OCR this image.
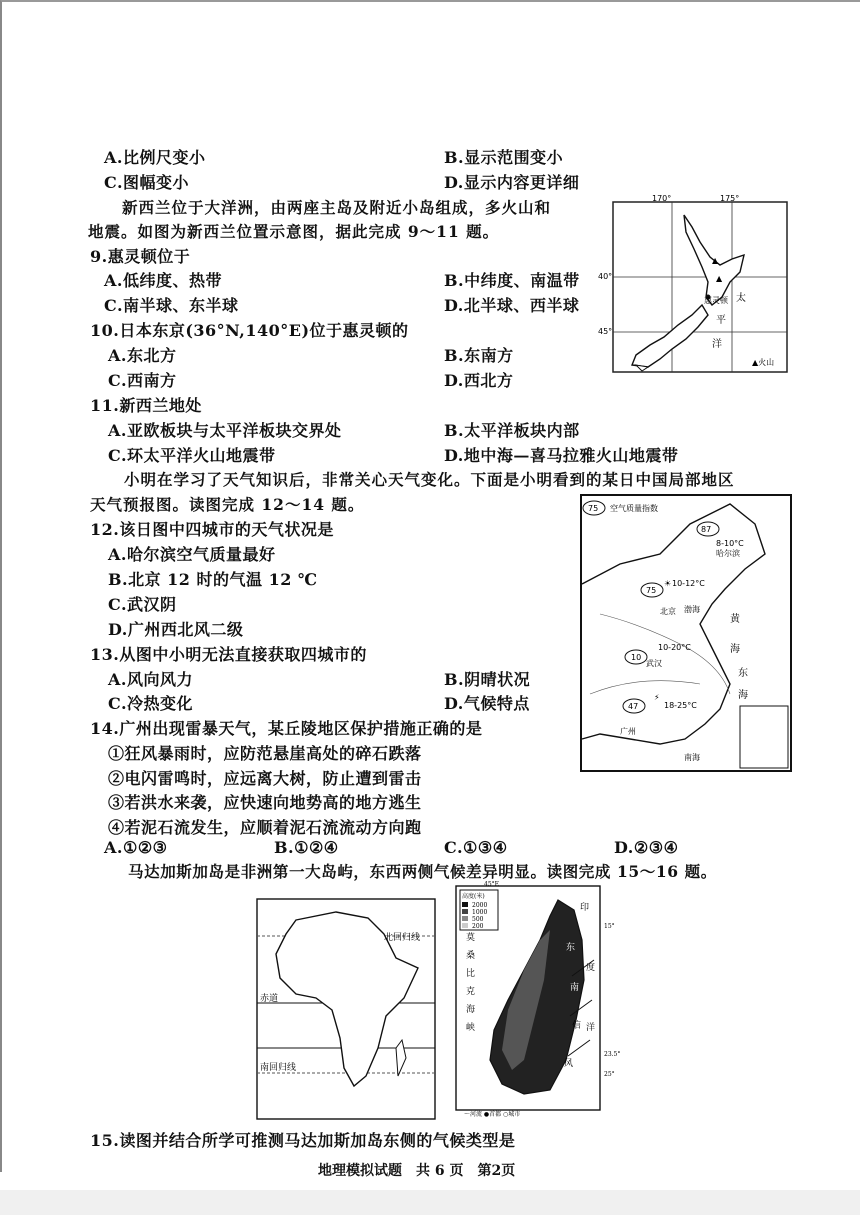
A.比例尺变小	B.显示范围变小
C.图幅变小	D.显示内容更详细
新西兰位于大洋洲，由两座主岛及附近小岛组成，多火山和
地震。如图为新西兰位置示意图，据此完成 9～11 题。
9.惠灵顿位于
A.低纬度、热带	B.中纬度、南温带
C.南半球、东半球	D.北半球、西半球
10.日本东京(36°N,140°E)位于惠灵顿的
A.东北方	B.东南方
C.西南方	D.西北方
11.新西兰地处
A.亚欧板块与太平洋板块交界处	B.太平洋板块内部
C.环太平洋火山地震带	D.地中海—喜马拉雅火山地震带
小明在学习了天气知识后，非常关心天气变化。下面是小明看到的某日中国局部地区
天气预报图。读图完成 12～14 题。
12.该日图中四城市的天气状况是
A.哈尔滨空气质量最好
B.北京 12 时的气温 12 ℃
C.武汉阴
D.广州西北风二级
13.从图中小明无法直接获取四城市的
A.风向风力	B.阴晴状况
C.冷热变化	D.气候特点
14.广州出现雷暴天气，某丘陵地区保护措施正确的是
①狂风暴雨时，应防范悬崖高处的碎石跌落
②电闪雷鸣时，应远离大树，防止遭到雷击
③若洪水来袭，应快速向地势高的地方逃生
④若泥石流发生，应顺着泥石流流动方向跑
A.①②③	B.①②④	C.①③④	D.②③④
马达加斯加岛是非洲第一大岛屿，东西两侧气候差异明显。读图完成 15～16 题。
15.读图并结合所学可推测马达加斯加岛东侧的气候类型是
地理模拟试题　共 6 页　第2页
▲
▲
170°	175°
40°
45°
惠灵顿 太
平
洋
▲火山
75 空气质量指数
87
8-10°C
哈尔滨
75
☀ 10-12°C
北京 渤海
10
10-20°C
武汉
47
⚡
18-25°C
广州
黄
海
东
海
南海
北回归线
赤道
南回归线
高度(米)
2000
1000
500
200
45°E
15°
23.5°
25°
莫
桑
比
克
海
峡
印
度
洋
东
南
信
风
～河流 ●首都 ○城市
